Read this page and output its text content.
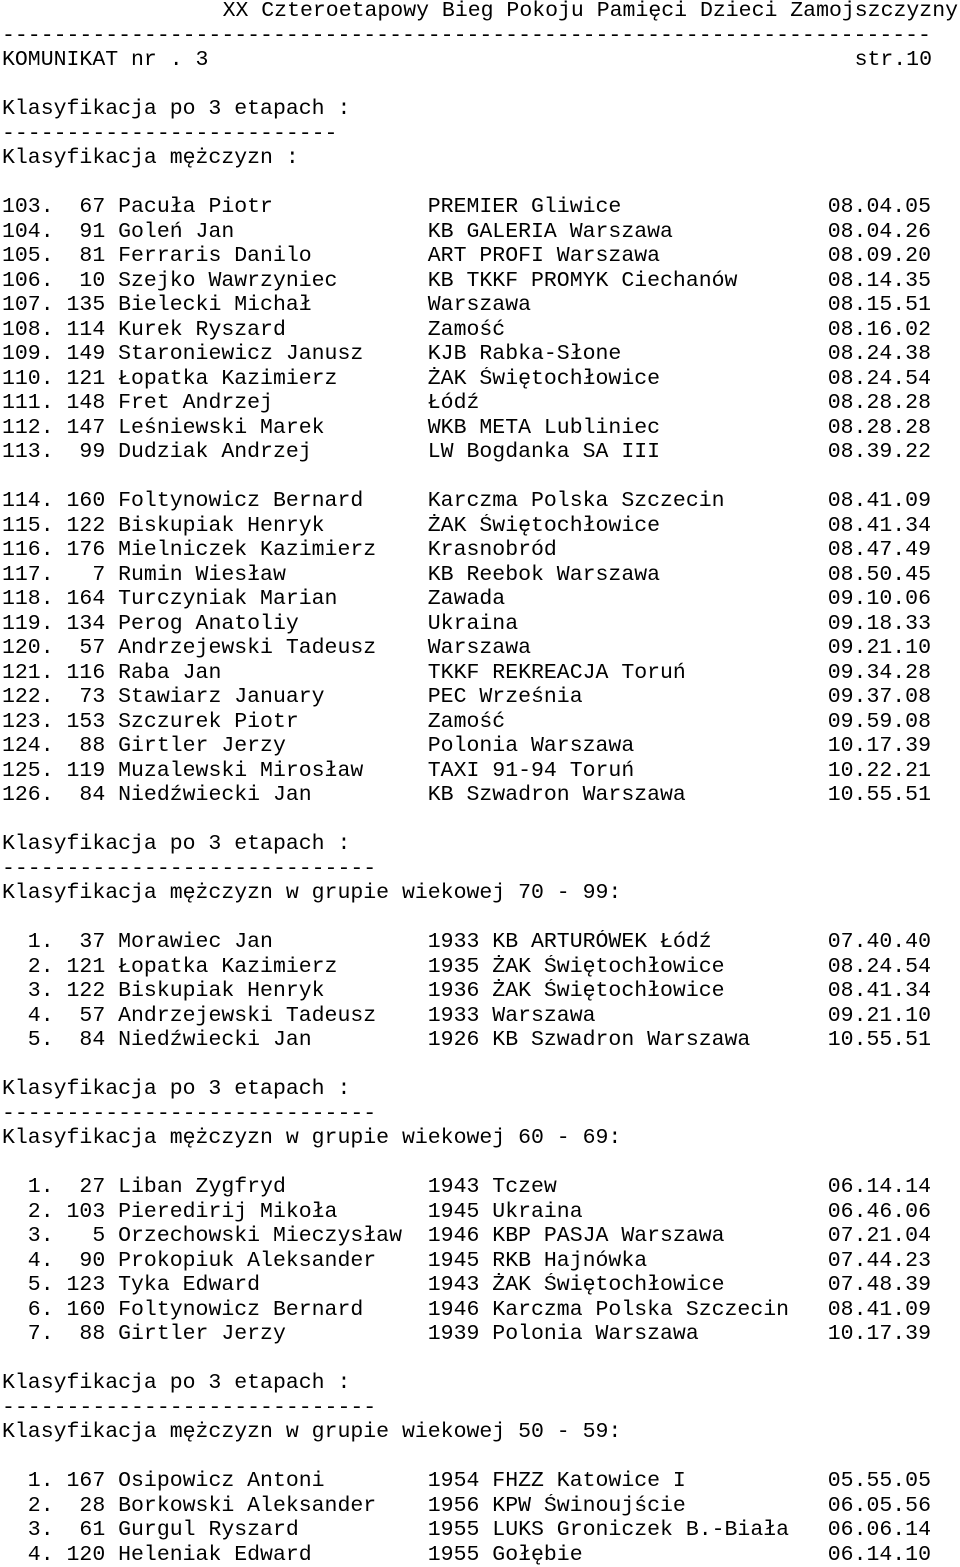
XX Czteroetapowy Bieg Pokoju Pamięci Dzieci Zamojszczyzny
------------------------------------------------------------------------
KOMUNIKAT nr . 3	str.10
Klasyfikacja po 3 etapach :
--------------------------
Klasyfikacja mężczyzn :
103.  67 Pacuła Piotr            PREMIER Gliwice                08.04.05
104.  91 Goleń Jan               KB GALERIA Warszawa            08.04.26
105.  81 Ferraris Danilo         ART PROFI Warszawa             08.09.20
106.  10 Szejko Wawrzyniec       KB TKKF PROMYK Ciechanów       08.14.35
107. 135 Bielecki Michał         Warszawa                       08.15.51
108. 114 Kurek Ryszard           Zamość                         08.16.02
109. 149 Staroniewicz Janusz     KJB Rabka-Słone                08.24.38
110. 121 Łopatka Kazimierz       ŻAK Świętochłowice             08.24.54
111. 148 Fret Andrzej            Łódź                           08.28.28
112. 147 Leśniewski Marek        WKB META Lubliniec             08.28.28
113.  99 Dudziak Andrzej         LW Bogdanka SA III             08.39.22
114. 160 Foltynowicz Bernard     Karczma Polska Szczecin        08.41.09
115. 122 Biskupiak Henryk        ŻAK Świętochłowice             08.41.34
116. 176 Mielniczek Kazimierz    Krasnobród                     08.47.49
117.   7 Rumin Wiesław           KB Reebok Warszawa             08.50.45
118. 164 Turczyniak Marian       Zawada                         09.10.06
119. 134 Perog Anatoliy          Ukraina                        09.18.33
120.  57 Andrzejewski Tadeusz    Warszawa                       09.21.10
121. 116 Raba Jan                TKKF REKREACJA Toruń           09.34.28
122.  73 Stawiarz January        PEC Września                   09.37.08
123. 153 Szczurek Piotr          Zamość                         09.59.08
124.  88 Girtler Jerzy           Polonia Warszawa               10.17.39
125. 119 Muzalewski Mirosław     TAXI 91-94 Toruń               10.22.21
126.  84 Niedźwiecki Jan         KB Szwadron Warszawa           10.55.51
Klasyfikacja po 3 etapach :
-----------------------------
Klasyfikacja mężczyzn w grupie wiekowej 70 - 99:
1.  37 Morawiec Jan            1933 KB ARTURÓWEK Łódź         07.40.40
2. 121 Łopatka Kazimierz       1935 ŻAK Świętochłowice        08.24.54
3. 122 Biskupiak Henryk        1936 ŻAK Świętochłowice        08.41.34
4.  57 Andrzejewski Tadeusz    1933 Warszawa                  09.21.10
5.  84 Niedźwiecki Jan         1926 KB Szwadron Warszawa      10.55.51
Klasyfikacja po 3 etapach :
-----------------------------
Klasyfikacja mężczyzn w grupie wiekowej 60 - 69:
1.  27 Liban Zygfryd           1943 Tczew                     06.14.14
2. 103 Pieredirij Mikoła       1945 Ukraina                   06.46.06
3.   5 Orzechowski Mieczysław  1946 KBP PASJA Warszawa        07.21.04
4.  90 Prokopiuk Aleksander    1945 RKB Hajnówka              07.44.23
5. 123 Tyka Edward             1943 ŻAK Świętochłowice        07.48.39
6. 160 Foltynowicz Bernard     1946 Karczma Polska Szczecin   08.41.09
7.  88 Girtler Jerzy           1939 Polonia Warszawa          10.17.39
Klasyfikacja po 3 etapach :
-----------------------------
Klasyfikacja mężczyzn w grupie wiekowej 50 - 59:
1. 167 Osipowicz Antoni        1954 FHZZ Katowice I           05.55.05
2.  28 Borkowski Aleksander    1956 KPW Świnoujście           06.05.56
3.  61 Gurgul Ryszard          1955 LUKS Groniczek B.-Biała   06.06.14
4. 120 Heleniak Edward         1955 Gołębie                   06.14.10
